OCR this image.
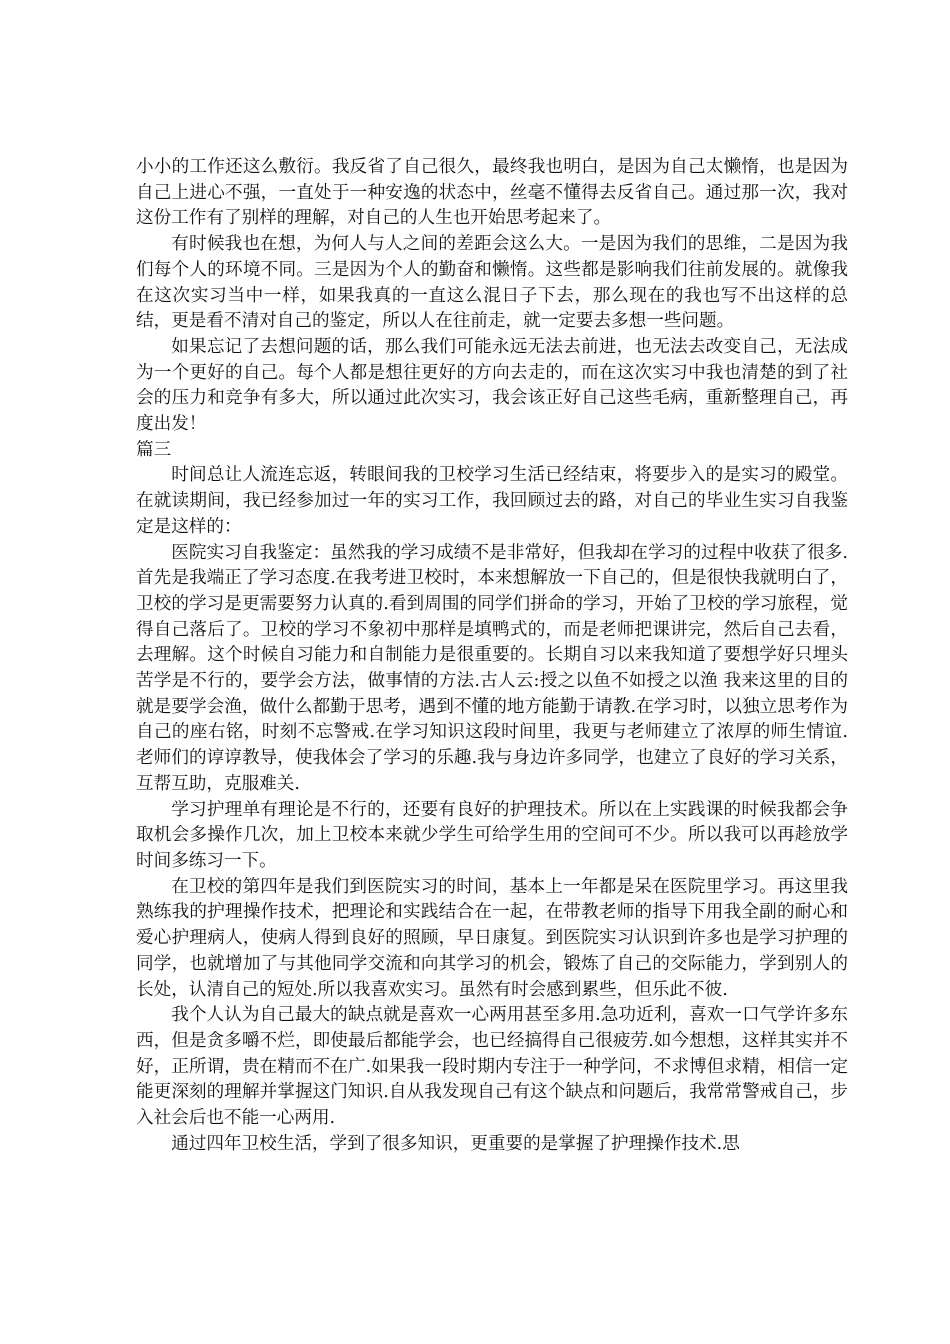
小小的工作还这么敷衍。我反省了自己很久，最终我也明白，是因为自己太懒惰，也是因为自己上进心不强，一直处于一种安逸的状态中，丝毫不懂得去反省自己。通过那一次，我对这份工作有了别样的理解，对自己的人生也开始思考起来了。

有时候我也在想，为何人与人之间的差距会这么大。一是因为我们的思维，二是因为我们每个人的环境不同。三是因为个人的勤奋和懒惰。这些都是影响我们往前发展的。就像我在这次实习当中一样，如果我真的一直这么混日子下去，那么现在的我也写不出这样的总结，更是看不清对自己的鉴定，所以人在往前走，就一定要去多想一些问题。

如果忘记了去想问题的话，那么我们可能永远无法去前进，也无法去改变自己，无法成为一个更好的自己。每个人都是想往更好的方向去走的，而在这次实习中我也清楚的到了社会的压力和竞争有多大，所以通过此次实习，我会该正好自己这些毛病，重新整理自己，再度出发！

篇三

时间总让人流连忘返，转眼间我的卫校学习生活已经结束，将要步入的是实习的殿堂。在就读期间，我已经参加过一年的实习工作，我回顾过去的路，对自己的毕业生实习自我鉴定是这样的：

医院实习自我鉴定：虽然我的学习成绩不是非常好，但我却在学习的过程中收获了很多.首先是我端正了学习态度.在我考进卫校时，本来想解放一下自己的，但是很快我就明白了，卫校的学习是更需要努力认真的.看到周围的同学们拼命的学习，开始了卫校的学习旅程，觉得自己落后了。卫校的学习不象初中那样是填鸭式的，而是老师把课讲完，然后自己去看，去理解。这个时候自习能力和自制能力是很重要的。长期自习以来我知道了要想学好只埋头苦学是不行的，要学会方法，做事情的方法.古人云:授之以鱼不如授之以渔 我来这里的目的就是要学会渔，做什么都勤于思考，遇到不懂的地方能勤于请教.在学习时，以独立思考作为自己的座右铭，时刻不忘警戒.在学习知识这段时间里，我更与老师建立了浓厚的师生情谊.老师们的谆谆教导，使我体会了学习的乐趣.我与身边许多同学，也建立了良好的学习关系，互帮互助，克服难关.

学习护理单有理论是不行的，还要有良好的护理技术。所以在上实践课的时候我都会争取机会多操作几次，加上卫校本来就少学生可给学生用的空间可不少。所以我可以再趁放学时间多练习一下。

在卫校的第四年是我们到医院实习的时间，基本上一年都是呆在医院里学习。再这里我熟练我的护理操作技术，把理论和实践结合在一起，在带教老师的指导下用我全副的耐心和爱心护理病人，使病人得到良好的照顾，早日康复。到医院实习认识到许多也是学习护理的同学，也就增加了与其他同学交流和向其学习的机会，锻炼了自己的交际能力，学到别人的长处，认清自己的短处.所以我喜欢实习。虽然有时会感到累些，但乐此不彼.

我个人认为自己最大的缺点就是喜欢一心两用甚至多用.急功近利，喜欢一口气学许多东西，但是贪多嚼不烂，即使最后都能学会，也已经搞得自己很疲劳.如今想想，这样其实并不好，正所谓，贵在精而不在广.如果我一段时期内专注于一种学问，不求博但求精，相信一定能更深刻的理解并掌握这门知识.自从我发现自己有这个缺点和问题后，我常常警戒自己，步入社会后也不能一心两用.

通过四年卫校生活，学到了很多知识，更重要的是掌握了护理操作技术.思
